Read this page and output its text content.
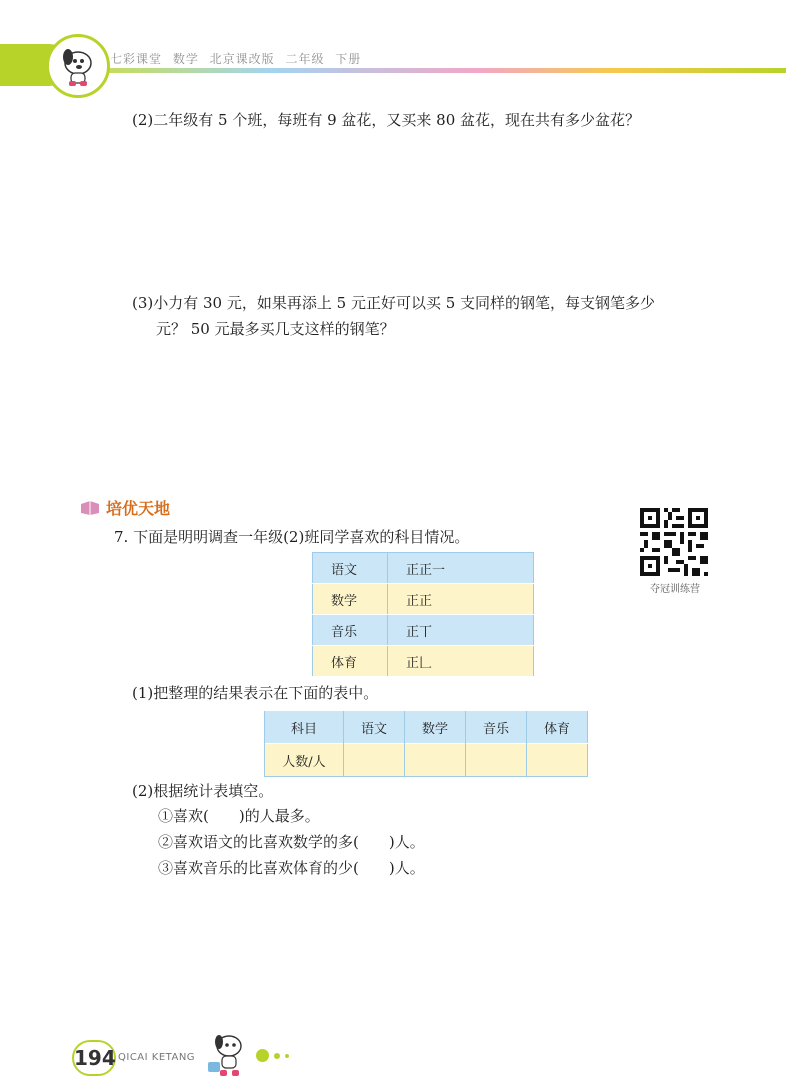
七彩课堂 数学 北京课改版 二年级 下册
(2)二年级有 5 个班，每班有 9 盆花，又买来 80 盆花，现在共有多少盆花？
(3)小力有 30 元，如果再添上 5 元正好可以买 5 支同样的钢笔，每支钢笔多少
元？ 50 元最多买几支这样的钢笔？
培优天地
7. 下面是明明调查一年级(2)班同学喜欢的科目情况。
夺冠训练营
语文	正正一
数学	正正
音乐	正丅
体育	正𠃊
(1)把整理的结果表示在下面的表中。
科目	语文	数学	音乐	体育
人数/人				
(2)根据统计表填空。
①喜欢(　　)的人最多。
②喜欢语文的比喜欢数学的多(　　)人。
③喜欢音乐的比喜欢体育的少(　　)人。
194 QICAI KETANG
